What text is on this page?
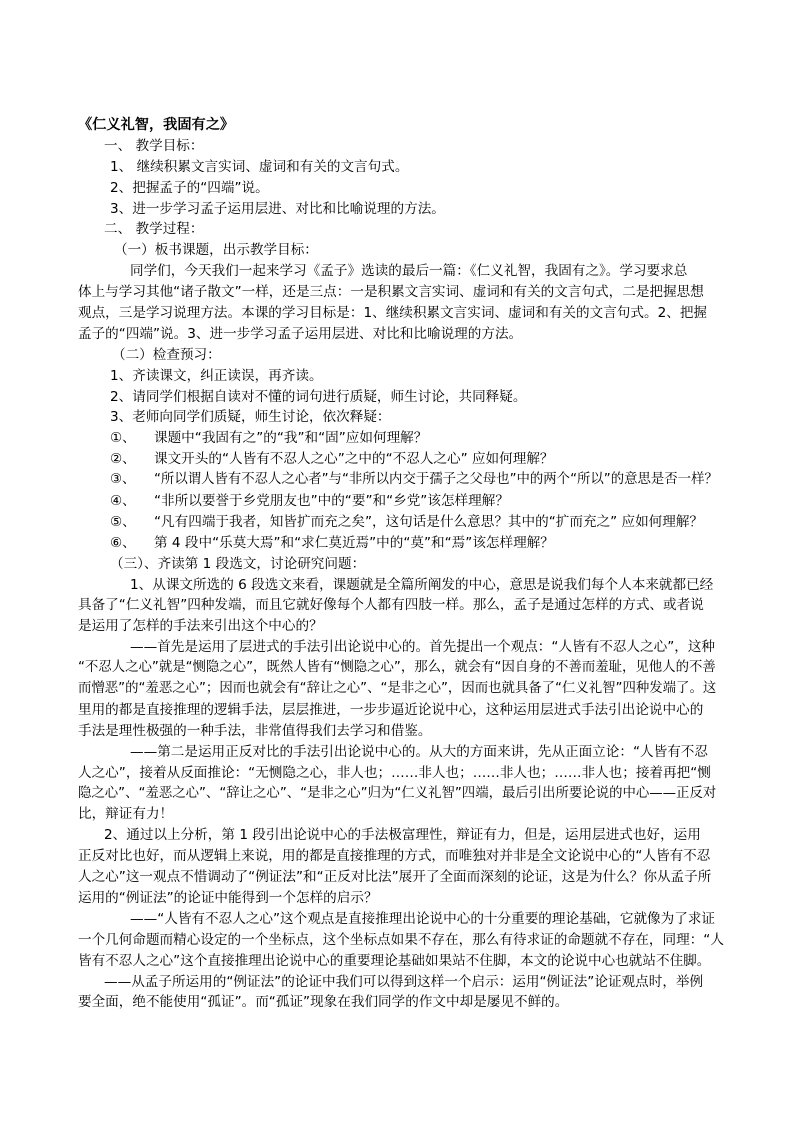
《仁义礼智，我固有之》
一、 教学目标：
1、 继续积累文言实词、虚词和有关的文言句式。
2、把握孟子的“四端”说。
3、进一步学习孟子运用层进、对比和比喻说理的方法。
二、 教学过程：
（一）板书课题，出示教学目标：
同学们，今天我们一起来学习《孟子》选读的最后一篇：《仁义礼智，我固有之》。学习要求总
体上与学习其他“诸子散文”一样，还是三点：一是积累文言实词、虚词和有关的文言句式，二是把握思想
观点，三是学习说理方法。本课的学习目标是：1、继续积累文言实词、虚词和有关的文言句式。2、把握
孟子的“四端”说。3、进一步学习孟子运用层进、对比和比喻说理的方法。
（二）检查预习：
1、齐读课文，纠正读误，再齐读。
2、请同学们根据自读对不懂的词句进行质疑，师生讨论，共同释疑。
3、老师向同学们质疑，师生讨论，依次释疑：
①、 课题中“我固有之”的“我”和“固”应如何理解？
②、 课文开头的“人皆有不忍人之心”之中的“不忍人之心” 应如何理解？
③、 “所以谓人皆有不忍人之心者”与“非所以内交于孺子之父母也”中的两个“所以”的意思是否一样？
④、 “非所以要誉于乡党朋友也”中的“要”和“乡党”该怎样理解？
⑤、 “凡有四端于我者，知皆扩而充之矣”，这句话是什么意思？其中的“扩而充之” 应如何理解？
⑥、 第 4 段中“乐莫大焉”和“求仁莫近焉”中的“莫”和“焉”该怎样理解？
（三）、齐读第 1 段选文，讨论研究问题：
1、从课文所选的 6 段选文来看，课题就是全篇所阐发的中心，意思是说我们每个人本来就都已经
具备了“仁义礼智”四种发端，而且它就好像每个人都有四肢一样。那么，孟子是通过怎样的方式、或者说
是运用了怎样的手法来引出这个中心的？
——首先是运用了层进式的手法引出论说中心的。首先提出一个观点：“人皆有不忍人之心”，这种
“不忍人之心”就是“恻隐之心”，既然人皆有“恻隐之心”，那么，就会有“因自身的不善而羞耻，见他人的不善
而憎恶”的“羞恶之心”；因而也就会有“辞让之心”、“是非之心”，因而也就具备了“仁义礼智”四种发端了。这
里用的都是直接推理的逻辑手法，层层推进，一步步逼近论说中心，这种运用层进式手法引出论说中心的
手法是理性极强的一种手法，非常值得我们去学习和借鉴。
——第二是运用正反对比的手法引出论说中心的。从大的方面来讲，先从正面立论：“人皆有不忍
人之心”，接着从反面推论：“无恻隐之心，非人也；……非人也；……非人也；……非人也；接着再把“恻
隐之心”、“羞恶之心”、“辞让之心”、“是非之心”归为“仁义礼智”四端，最后引出所要论说的中心——正反对
比，辩证有力！
2、通过以上分析，第 1 段引出论说中心的手法极富理性，辩证有力，但是，运用层进式也好，运用
正反对比也好，而从逻辑上来说，用的都是直接推理的方式，而唯独对并非是全文论说中心的“人皆有不忍
人之心”这一观点不惜调动了“例证法”和“正反对比法”展开了全面而深刻的论证，这是为什么？你从孟子所
运用的“例证法”的论证中能得到一个怎样的启示？
——“人皆有不忍人之心”这个观点是直接推理出论说中心的十分重要的理论基础，它就像为了求证
一个几何命题而精心设定的一个坐标点，这个坐标点如果不存在，那么有待求证的命题就不存在，同理：“人
皆有不忍人之心”这个直接推理出论说中心的重要理论基础如果站不住脚，本文的论说中心也就站不住脚。
——从孟子所运用的“例证法”的论证中我们可以得到这样一个启示：运用“例证法”论证观点时，举例
要全面，绝不能使用“孤证”。而“孤证”现象在我们同学的作文中却是屡见不鲜的。
